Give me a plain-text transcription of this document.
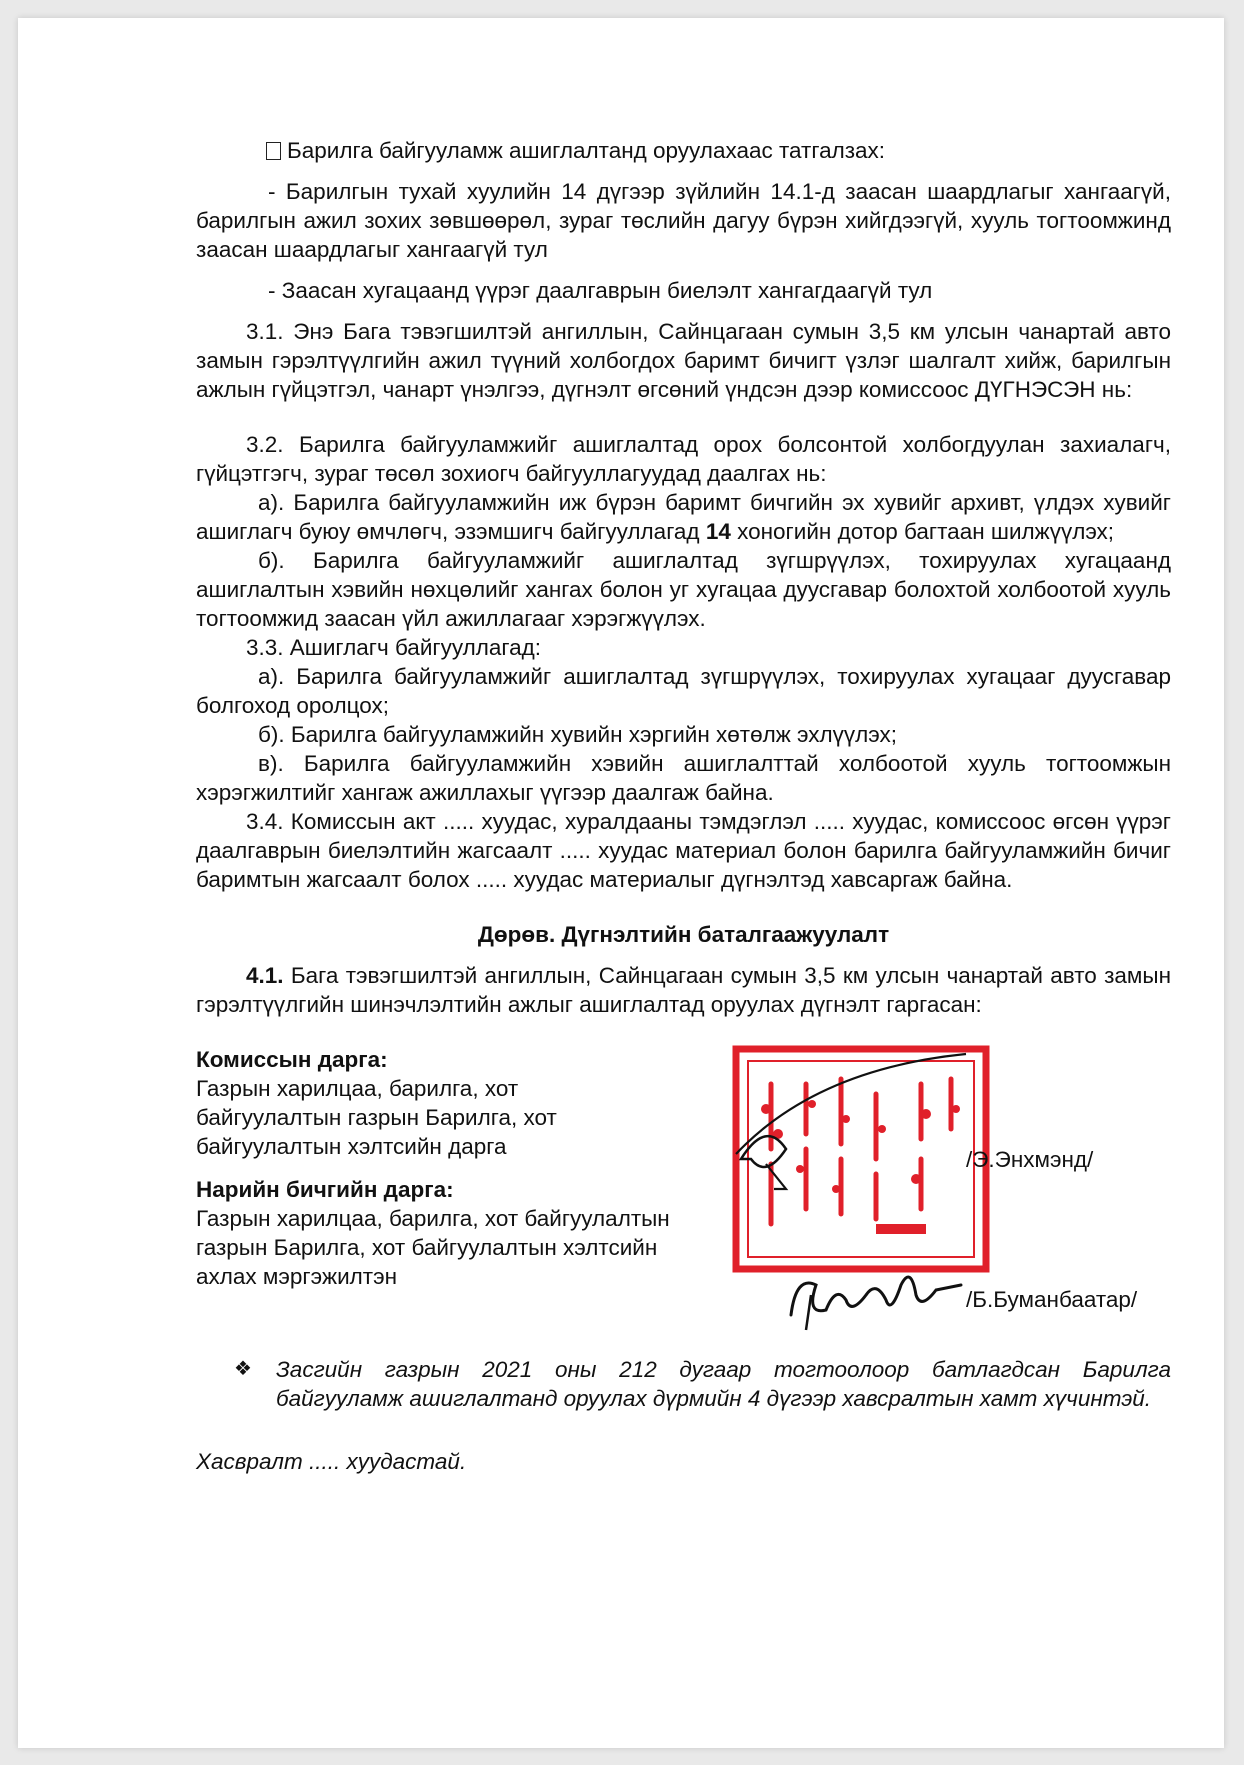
Барилга байгууламж ашиглалтанд оруулахаас татгалзах:

- Барилгын тухай хуулийн 14 дүгээр зүйлийн 14.1-д заасан шаардлагыг хангаагүй, барилгын ажил зохих зөвшөөрөл, зураг төслийн дагуу бүрэн хийгдээгүй, хууль тогтоомжинд заасан шаардлагыг хангаагүй тул

- Заасан хугацаанд үүрэг даалгаврын биелэлт хангагдаагүй тул

3.1. Энэ Бага тэвэгшилтэй ангиллын, Сайнцагаан сумын 3,5 км улсын чанартай авто замын гэрэлтүүлгийн ажил түүний холбогдох баримт бичигт үзлэг шалгалт хийж, барилгын ажлын гүйцэтгэл, чанарт үнэлгээ, дүгнэлт өгсөний үндсэн дээр комиссоос ДҮГНЭСЭН нь:

3.2. Барилга байгууламжийг ашиглалтад орох болсонтой холбогдуулан захиалагч, гүйцэтгэгч, зураг төсөл зохиогч байгууллагуудад даалгах нь:

а). Барилга байгууламжийн иж бүрэн баримт бичгийн эх хувийг архивт, үлдэх хувийг ашиглагч буюу өмчлөгч, эзэмшигч байгууллагад 14 хоногийн дотор багтаан шилжүүлэх;

б). Барилга байгууламжийг ашиглалтад зүгшрүүлэх, тохируулах хугацаанд ашиглалтын хэвийн нөхцөлийг хангах болон уг хугацаа дуусгавар болохтой холбоотой хууль тогтоомжид заасан үйл ажиллагааг хэрэгжүүлэх.

3.3. Ашиглагч байгууллагад:

а). Барилга байгууламжийг ашиглалтад зүгшрүүлэх, тохируулах хугацааг дуусгавар болгоход оролцох;

б). Барилга байгууламжийн хувийн хэргийн хөтөлж эхлүүлэх;

в). Барилга байгууламжийн хэвийн ашиглалттай холбоотой хууль тогтоомжын хэрэгжилтийг хангаж ажиллахыг үүгээр даалгаж байна.

3.4. Комиссын акт ..... хуудас, хуралдааны тэмдэглэл ..... хуудас, комиссоос өгсөн үүрэг даалгаврын биелэлтийн жагсаалт ..... хуудас материал болон барилга байгууламжийн бичиг баримтын жагсаалт болох ..... хуудас материалыг дүгнэлтэд хавсаргаж байна.

Дөрөв. Дүгнэлтийн баталгаажуулалт

4.1. Бага тэвэгшилтэй ангиллын, Сайнцагаан сумын 3,5 км улсын чанартай авто замын гэрэлтүүлгийн шинэчлэлтийн ажлыг ашиглалтад оруулах дүгнэлт гаргасан:

Комиссын дарга:

Газрын харилцаа, барилга, хот

байгуулалтын газрын Барилга, хот

байгуулалтын хэлтсийн дарга

Нарийн бичгийн дарга:

Газрын харилцаа, барилга, хот байгуулалтын

газрын Барилга, хот байгуулалтын хэлтсийн

ахлах мэргэжилтэн

/Э.Энхмэнд/
/Б.Буманбаатар/

❖ Засгийн газрын 2021 оны 212 дугаар тогтоолоор батлагдсан Барилга байгууламж ашиглалтанд оруулах дүрмийн 4 дүгээр хавсралтын хамт хүчинтэй.

Хасвралт ..... хуудастай.
